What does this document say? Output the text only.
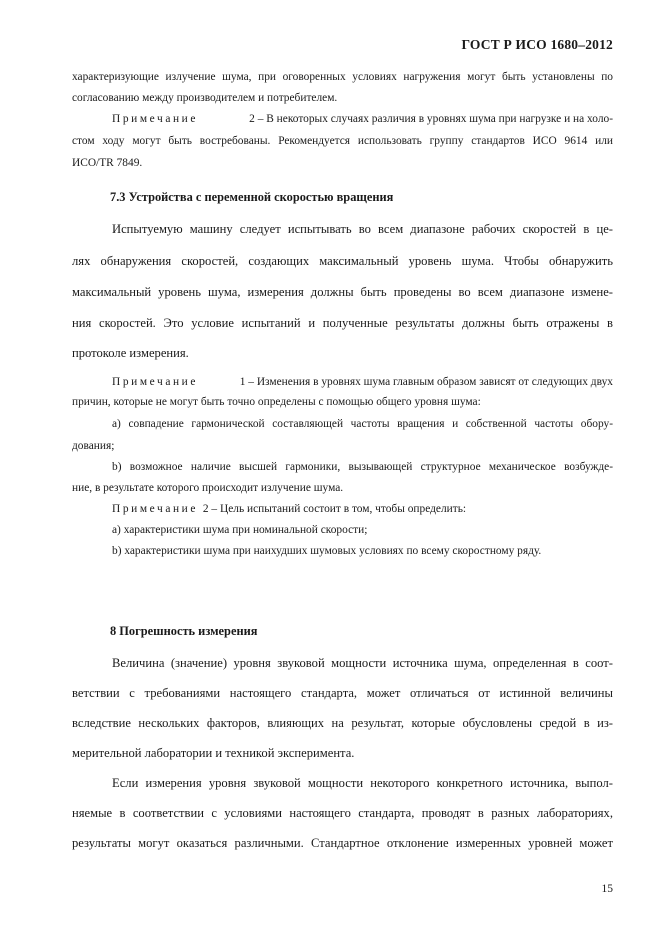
ГОСТ Р ИСО 1680–2012
характеризующие излучение шума, при оговоренных условиях нагружения могут быть установлены по
согласованию между производителем и потребителем.
Примечание	2 – В некоторых случаях различия в уровнях шума при нагрузке и на холо-
стом ходу могут быть востребованы. Рекомендуется использовать группу стандартов ИСО 9614 или
ИСО/TR 7849.
7.3 Устройства с переменной скоростью вращения
Испытуемую машину следует испытывать во всем диапазоне рабочих скоростей в це-
лях обнаружения скоростей, создающих максимальный уровень шума. Чтобы обнаружить
максимальный уровень шума, измерения должны быть проведены во всем диапазоне измене-
ния скоростей. Это условие испытаний и полученные результаты должны быть отражены в
протоколе измерения.
Примечание	1 – Изменения в уровнях шума главным образом зависят от следующих двух
причин, которые не могут быть точно определены с помощью общего уровня шума:
а) совпадение гармонической составляющей частоты вращения и собственной частоты обору-
дования;
b) возможное наличие высшей гармоники, вызывающей структурное механическое возбужде-
ние, в результате которого происходит излучение шума.
Примечание 2 – Цель испытаний состоит в том, чтобы определить:
а) характеристики шума при номинальной скорости;
b) характеристики шума при наихудших шумовых условиях по всему скоростному ряду.
8 Погрешность измерения
Величина (значение) уровня звуковой мощности источника шума, определенная в соот-
ветствии с требованиями настоящего стандарта, может отличаться от истинной величины
вследствие нескольких факторов, влияющих на результат, которые обусловлены средой в из-
мерительной лаборатории и техникой эксперимента.
Если измерения уровня звуковой мощности некоторого конкретного источника, выпол-
няемые в соответствии с условиями настоящего стандарта, проводят в разных лабораториях,
результаты могут оказаться различными. Стандартное отклонение измеренных уровней может
15
